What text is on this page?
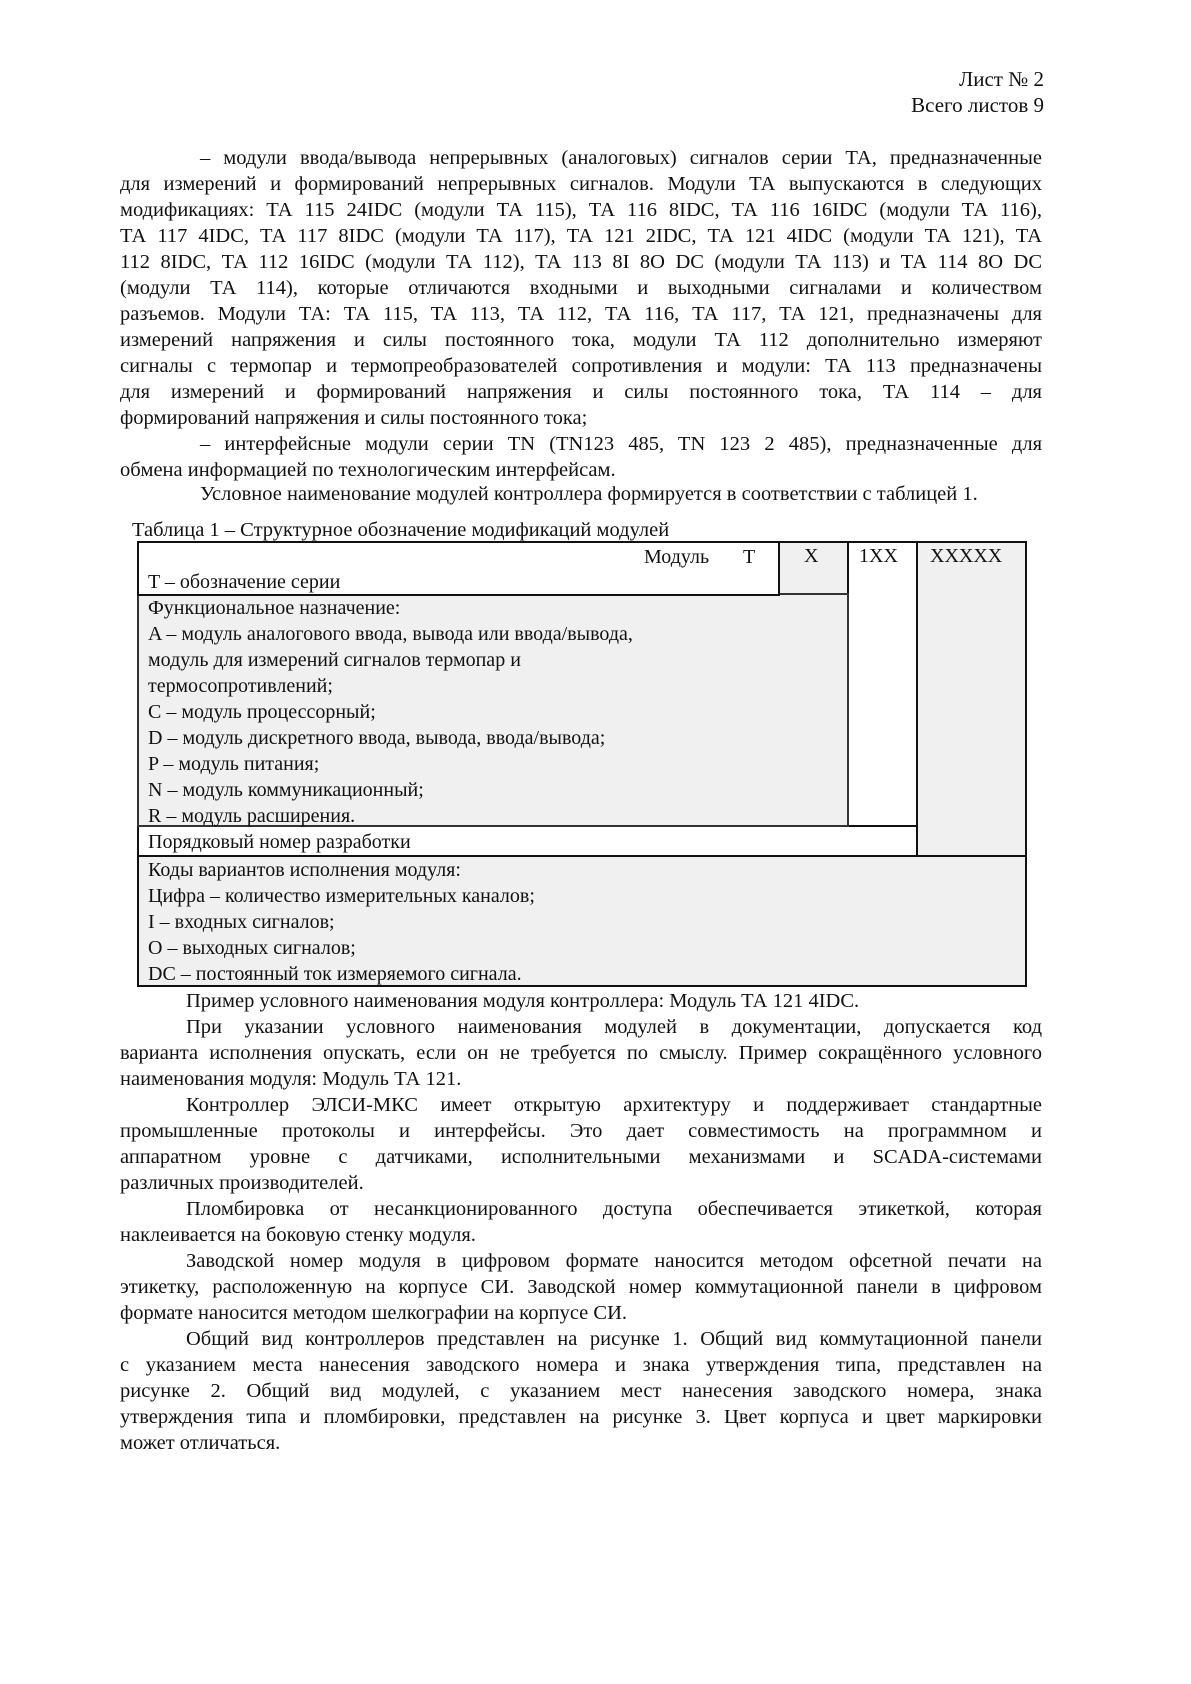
Лист № 2
Всего листов 9
– модули ввода/вывода непрерывных (аналоговых) сигналов серии ТА, предназначенные
для измерений и формирований непрерывных сигналов. Модули ТА выпускаются в следующих
модификациях: ТА 115 24IDC (модули ТА 115), ТА 116 8IDC, ТА 116 16IDC (модули ТА 116),
ТА 117 4IDC, ТА 117 8IDC (модули ТА 117), ТА 121 2IDC, ТА 121 4IDC (модули ТА 121), ТА
112 8IDC, ТА 112 16IDC (модули ТА 112), ТА 113 8I 8O DC (модули ТА 113) и ТА 114 8O DC
(модули ТА 114), которые отличаются входными и выходными сигналами и количеством
разъемов. Модули ТА: ТА 115, ТА 113, ТА 112, ТА 116, ТА 117, ТА 121, предназначены для
измерений напряжения и силы постоянного тока, модули ТА 112 дополнительно измеряют
сигналы с термопар и термопреобразователей сопротивления и модули: ТА 113 предназначены
для измерений и формирований напряжения и силы постоянного тока, ТА 114 – для
формирований напряжения и силы постоянного тока;
– интерфейсные модули серии TN (TN123 485, TN 123 2 485), предназначенные для
обмена информацией по технологическим интерфейсам.
Условное наименование модулей контроллера формируется в соответствии с таблицей 1.
Таблица 1 – Структурное обозначение модификаций модулей
Коды вариантов исполнения модуля:
Цифра – количество измерительных каналов;
I – входных сигналов;
O – выходных сигналов;
DC – постоянный ток измеряемого сигнала.
Порядковый номер разработки
Функциональное назначение:
A – модуль аналогового ввода, вывода или ввода/вывода,
модуль для измерений сигналов термопар и
термосопротивлений;
C – модуль процессорный;
D – модуль дискретного ввода, вывода, ввода/вывода;
P – модуль питания;
N – модуль коммуникационный;
R – модуль расширения.
Модуль T
T – обозначение серии
X 1XX XXXXX
Пример условного наименования модуля контроллера: Модуль ТА 121 4IDC.
При указании условного наименования модулей в документации, допускается код
варианта исполнения опускать, если он не требуется по смыслу. Пример сокращённого условного
наименования модуля: Модуль ТА 121.
Контроллер ЭЛСИ-МКС имеет открытую архитектуру и поддерживает стандартные
промышленные протоколы и интерфейсы. Это дает совместимость на программном и
аппаратном уровне с датчиками, исполнительными механизмами и SCADA-системами
различных производителей.
Пломбировка от несанкционированного доступа обеспечивается этикеткой, которая
наклеивается на боковую стенку модуля.
Заводской номер модуля в цифровом формате наносится методом офсетной печати на
этикетку, расположенную на корпусе СИ. Заводской номер коммутационной панели в цифровом
формате наносится методом шелкографии на корпусе СИ.
Общий вид контроллеров представлен на рисунке 1. Общий вид коммутационной панели
с указанием места нанесения заводского номера и знака утверждения типа, представлен на
рисунке 2. Общий вид модулей, с указанием мест нанесения заводского номера, знака
утверждения типа и пломбировки, представлен на рисунке 3. Цвет корпуса и цвет маркировки
может отличаться.
